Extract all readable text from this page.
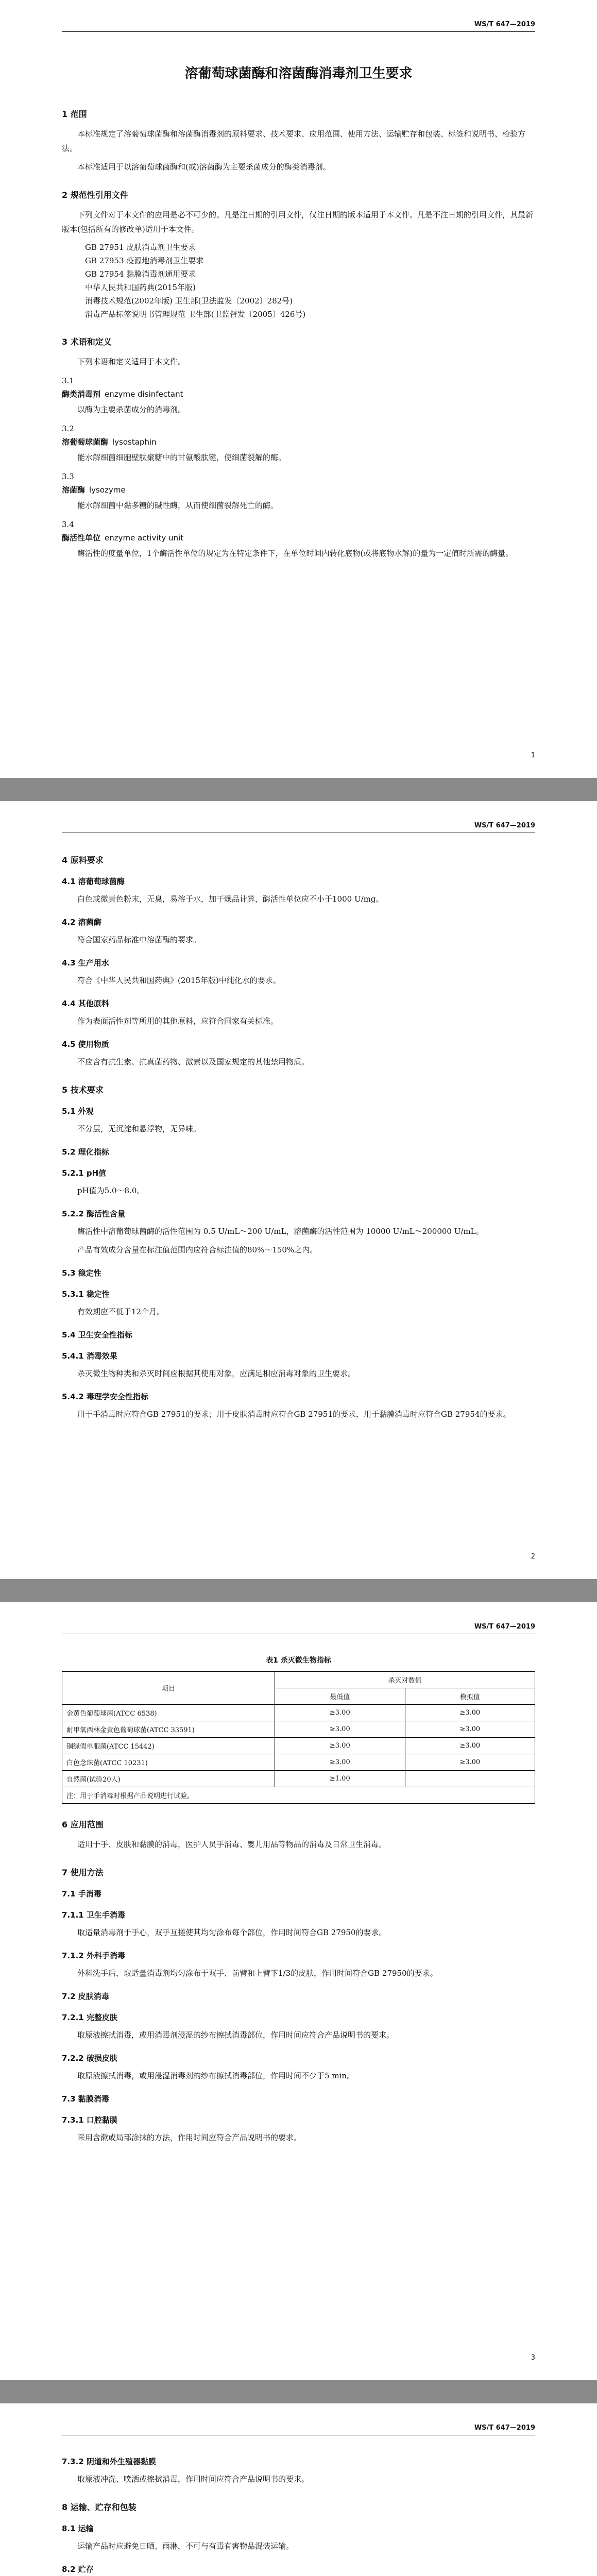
WS/T 647—2019
溶葡萄球菌酶和溶菌酶消毒剂卫生要求
1 范围

本标准规定了溶葡萄球菌酶和溶菌酶消毒剂的原料要求、技术要求、应用范围、使用方法、运输贮存和包装、标签和说明书、检验方法。

本标准适用于以溶葡萄球菌酶和(或)溶菌酶为主要杀菌成分的酶类消毒剂。

2 规范性引用文件

下列文件对于本文件的应用是必不可少的。凡是注日期的引用文件，仅注日期的版本适用于本文件。凡是不注日期的引用文件，其最新版本(包括所有的修改单)适用于本文件。

GB 27951 皮肤消毒剂卫生要求
GB 27953 疫源地消毒剂卫生要求
GB 27954 黏膜消毒剂通用要求
中华人民共和国药典(2015年版)
消毒技术规范(2002年版) 卫生部(卫法监发〔2002〕282号)
消毒产品标签说明书管理规范 卫生部(卫监督发〔2005〕426号)
3 术语和定义

下列术语和定义适用于本文件。

3.1
酶类消毒剂 enzyme disinfectant

以酶为主要杀菌成分的消毒剂。

3.2
溶葡萄球菌酶 lysostaphin

能水解细菌细胞壁肽聚糖中的甘氨酸肽键，使细菌裂解的酶。

3.3
溶菌酶 lysozyme

能水解细菌中黏多糖的碱性酶，从而使细菌裂解死亡的酶。

3.4
酶活性单位 enzyme activity unit

酶活性的度量单位，1个酶活性单位的规定为在特定条件下，在单位时间内转化底物(或将底物水解)的量为一定值时所需的酶量。

1
WS/T 647—2019
4 原料要求
4.1 溶葡萄球菌酶

白色或微黄色粉末，无臭，易溶于水，加干燥品计算，酶活性单位应不小于1000 U/mg。

4.2 溶菌酶

符合国家药品标准中溶菌酶的要求。

4.3 生产用水

符合《中华人民共和国药典》(2015年版)中纯化水的要求。

4.4 其他原料

作为表面活性剂等所用的其他原料，应符合国家有关标准。

4.5 使用物质

不应含有抗生素、抗真菌药物、激素以及国家规定的其他禁用物质。

5 技术要求
5.1 外观

不分层，无沉淀和悬浮物，无异味。

5.2 理化指标
5.2.1 pH值

pH值为5.0～8.0。

5.2.2 酶活性含量

酶活性中溶葡萄球菌酶的活性范围为 0.5 U/mL～200 U/mL，溶菌酶的活性范围为 10000 U/mL～200000 U/mL。

产品有效成分含量在标注值范围内应符合标注值的80%～150%之内。

5.3 稳定性
5.3.1 稳定性

有效期应不低于12个月。

5.4 卫生安全性指标
5.4.1 消毒效果

杀灭微生物种类和杀灭时间应根据其使用对象，应满足相应消毒对象的卫生要求。

5.4.2 毒理学安全性指标

用于手消毒时应符合GB 27951的要求；用于皮肤消毒时应符合GB 27951的要求，用于黏膜消毒时应符合GB 27954的要求。

2
WS/T 647—2019
表1 杀灭微生物指标
项目	杀灭对数值	
	最低值	模拟值
金黄色葡萄球菌(ATCC 6538)	≥3.00	≥3.00
耐甲氧西林金黄色葡萄球菌(ATCC 33591)	≥3.00	≥3.00
铜绿假单胞菌(ATCC 15442)	≥3.00	≥3.00
白色念珠菌(ATCC 10231)	≥3.00	≥3.00
自然菌(试验20人)	≥1.00	
注：用于手消毒时根据产品说明进行试验。		
6 应用范围

适用于手、皮肤和黏膜的消毒，医护人员手消毒、婴儿用品等物品的消毒及日常卫生消毒。

7 使用方法
7.1 手消毒
7.1.1 卫生手消毒

取适量消毒剂于手心，双手互搓使其均匀涂布每个部位，作用时间符合GB 27950的要求。

7.1.2 外科手消毒

外科洗手后，取适量消毒剂均匀涂布于双手、前臂和上臂下1/3的皮肤，作用时间符合GB 27950的要求。

7.2 皮肤消毒
7.2.1 完整皮肤

取原液擦拭消毒，或用消毒剂浸湿的纱布擦拭消毒部位，作用时间应符合产品说明书的要求。

7.2.2 破损皮肤

取原液擦拭消毒，或用浸湿消毒剂的纱布擦拭消毒部位，作用时间不少于5 min。

7.3 黏膜消毒
7.3.1 口腔黏膜

采用含漱或局部涂抹的方法，作用时间应符合产品说明书的要求。

3
WS/T 647—2019
7.3.2 阴道和外生殖器黏膜

取原液冲洗、喷洒或擦拭消毒，作用时间应符合产品说明书的要求。

8 运输、贮存和包装
8.1 运输

运输产品时应避免日晒、雨淋，不可与有毒有害物品混装运输。

8.2 贮存
